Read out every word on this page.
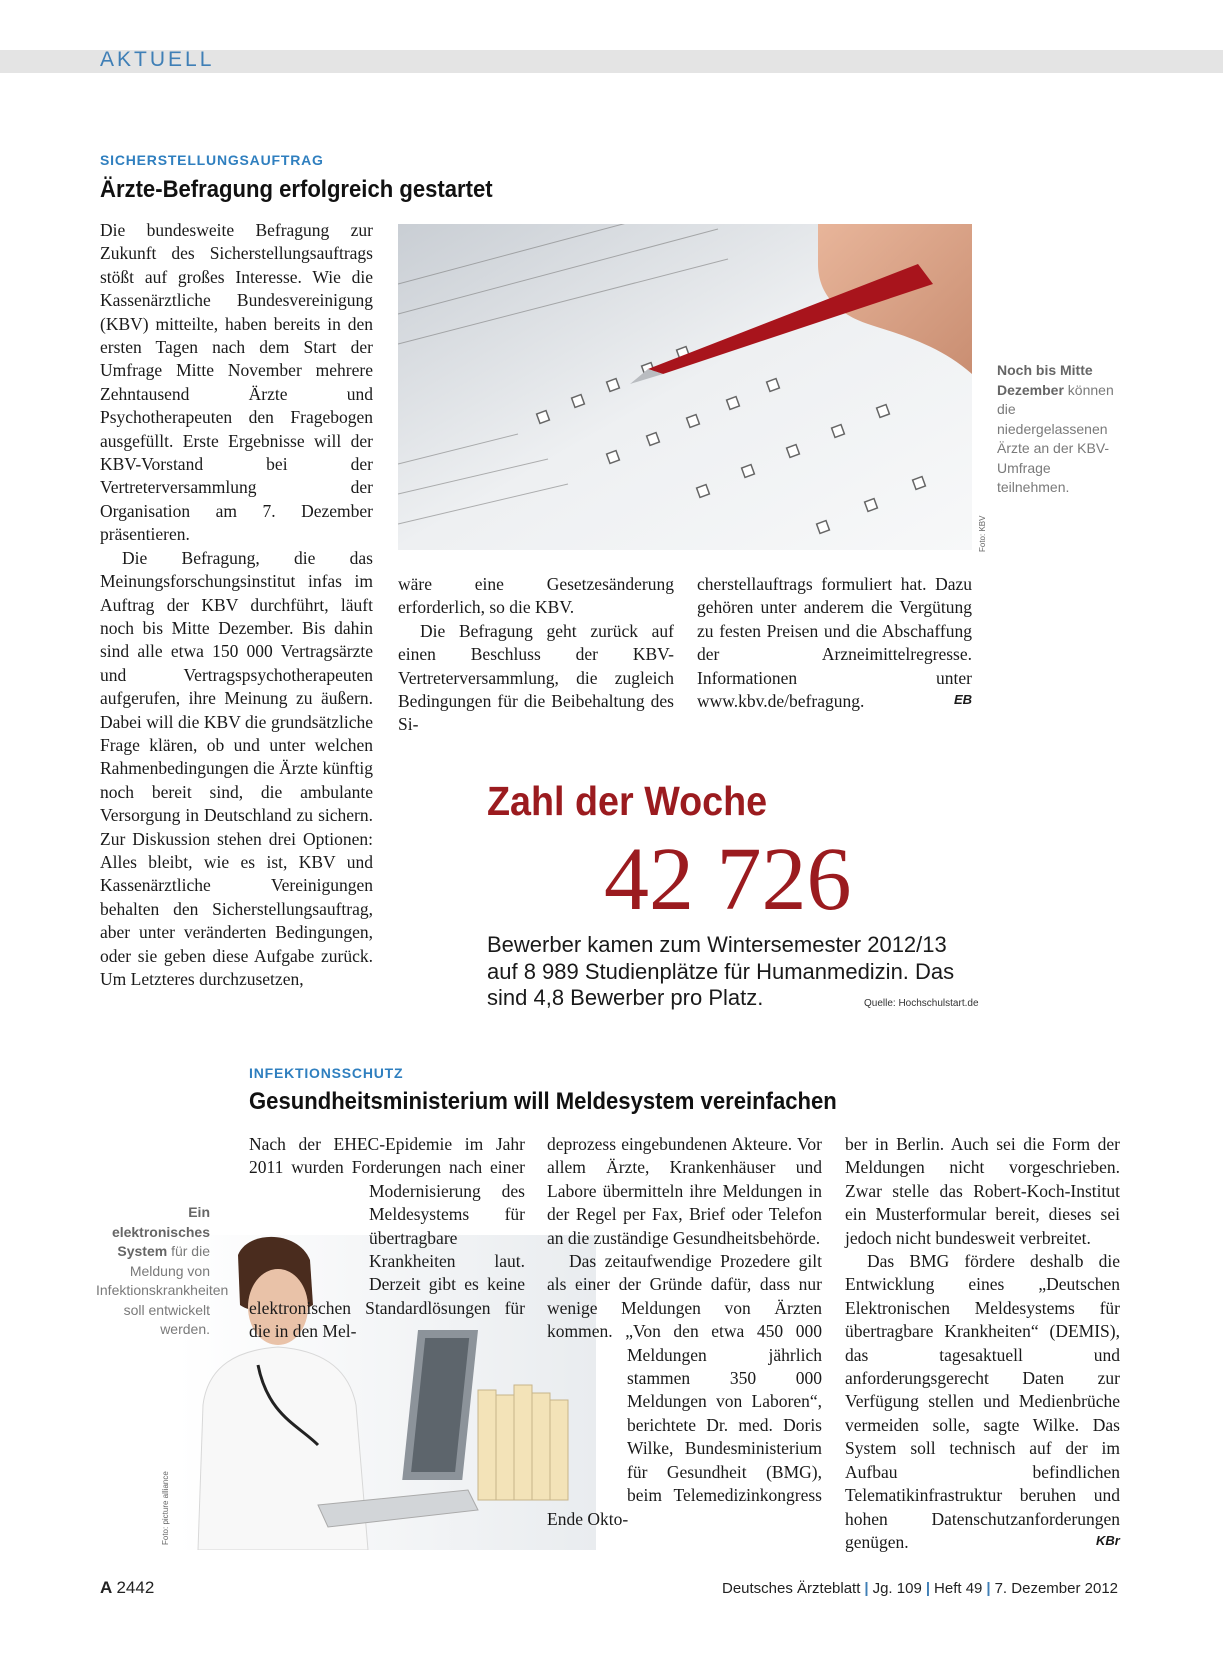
AKTUELL
SICHERSTELLUNGSAUFTRAG
Ärzte-Befragung erfolgreich gestartet

Die bundesweite Befragung zur Zukunft des Sicherstellungsauftrags stößt auf großes Interesse. Wie die Kassenärztliche Bundesvereinigung (KBV) mitteilte, haben bereits in den ersten Tagen nach dem Start der Umfrage Mitte November mehrere Zehntausend Ärzte und Psychotherapeuten den Fragebogen ausgefüllt. Erste Ergebnisse will der KBV-Vorstand bei der Vertreterversammlung der Organisation am 7. Dezember präsentieren.

Die Befragung, die das Meinungsforschungsinstitut infas im Auftrag der KBV durchführt, läuft noch bis Mitte Dezember. Bis dahin sind alle etwa 150 000 Vertragsärzte und Vertragspsychotherapeuten aufgerufen, ihre Meinung zu äußern. Dabei will die KBV die grundsätzliche Frage klären, ob und unter welchen Rahmenbedingungen die Ärzte künftig noch bereit sind, die ambulante Versorgung in Deutschland zu sichern. Zur Diskussion stehen drei Optionen: Alles bleibt, wie es ist, KBV und Kassenärztliche Vereinigungen behalten den Sicherstellungsauftrag, aber unter veränderten Bedingungen, oder sie geben diese Aufgabe zurück. Um Letzteres durchzusetzen,

Foto: KBV
Noch bis Mitte Dezember können die niedergelassenen Ärzte an der KBV-Umfrage teilnehmen.

wäre eine Gesetzesänderung erforderlich, so die KBV.

Die Befragung geht zurück auf einen Beschluss der KBV-Vertreterversammlung, die zugleich Bedingungen für die Beibehaltung des Si-

cherstellauftrags formuliert hat. Dazu gehören unter anderem die Vergütung zu festen Preisen und die Abschaffung der Arzneimittelregresse. Informationen unter www.kbv.de/befragung.	EB
Zahl der Woche
42 726
Bewerber kamen zum Wintersemester 2012/13 auf 8 989 Studienplätze für Humanmedizin. Das sind 4,8 Bewerber pro Platz.	Quelle: Hochschulstart.de
INFEKTIONSSCHUTZ
Gesundheitsministerium will Meldesystem vereinfachen
Foto: picture alliance
Ein elektronisches System für die Meldung von Infektionskrankheiten soll entwickelt werden.

Nach der EHEC-Epidemie im Jahr 2011 wurden Forderungen nach einer Modernisierung des Meldesystems für übertragbare Krankheiten laut. Derzeit gibt es keine elektronischen Standardlösungen für die in den Mel-

deprozess eingebundenen Akteure. Vor allem Ärzte, Krankenhäuser und Labore übermitteln ihre Meldungen in der Regel per Fax, Brief oder Telefon an die zuständige Gesundheitsbehörde.

Das zeitaufwendige Prozedere gilt als einer der Gründe dafür, dass nur wenige Meldungen von Ärzten kommen. „Von den etwa 450 000 Meldungen jährlich stammen 350 000 Meldungen von Laboren“, berichtete Dr. med. Doris Wilke, Bundesministerium für Gesundheit (BMG), beim Telemedizinkongress Ende Okto-

ber in Berlin. Auch sei die Form der Meldungen nicht vorgeschrieben. Zwar stelle das Robert-Koch-Institut ein Musterformular bereit, dieses sei jedoch nicht bundesweit verbreitet.

Das BMG fördere deshalb die Entwicklung eines „Deutschen Elektronischen Meldesystems für übertragbare Krankheiten“ (DEMIS), das tagesaktuell und anforderungsgerecht Daten zur Verfügung stellen und Medienbrüche vermeiden solle, sagte Wilke. Das System soll technisch auf der im Aufbau befindlichen Telematikinfrastruktur beruhen und hohen Datenschutzanforderungen genügen.	KBr
A 2442	Deutsches Ärzteblatt | Jg. 109 | Heft 49 | 7. Dezember 2012
